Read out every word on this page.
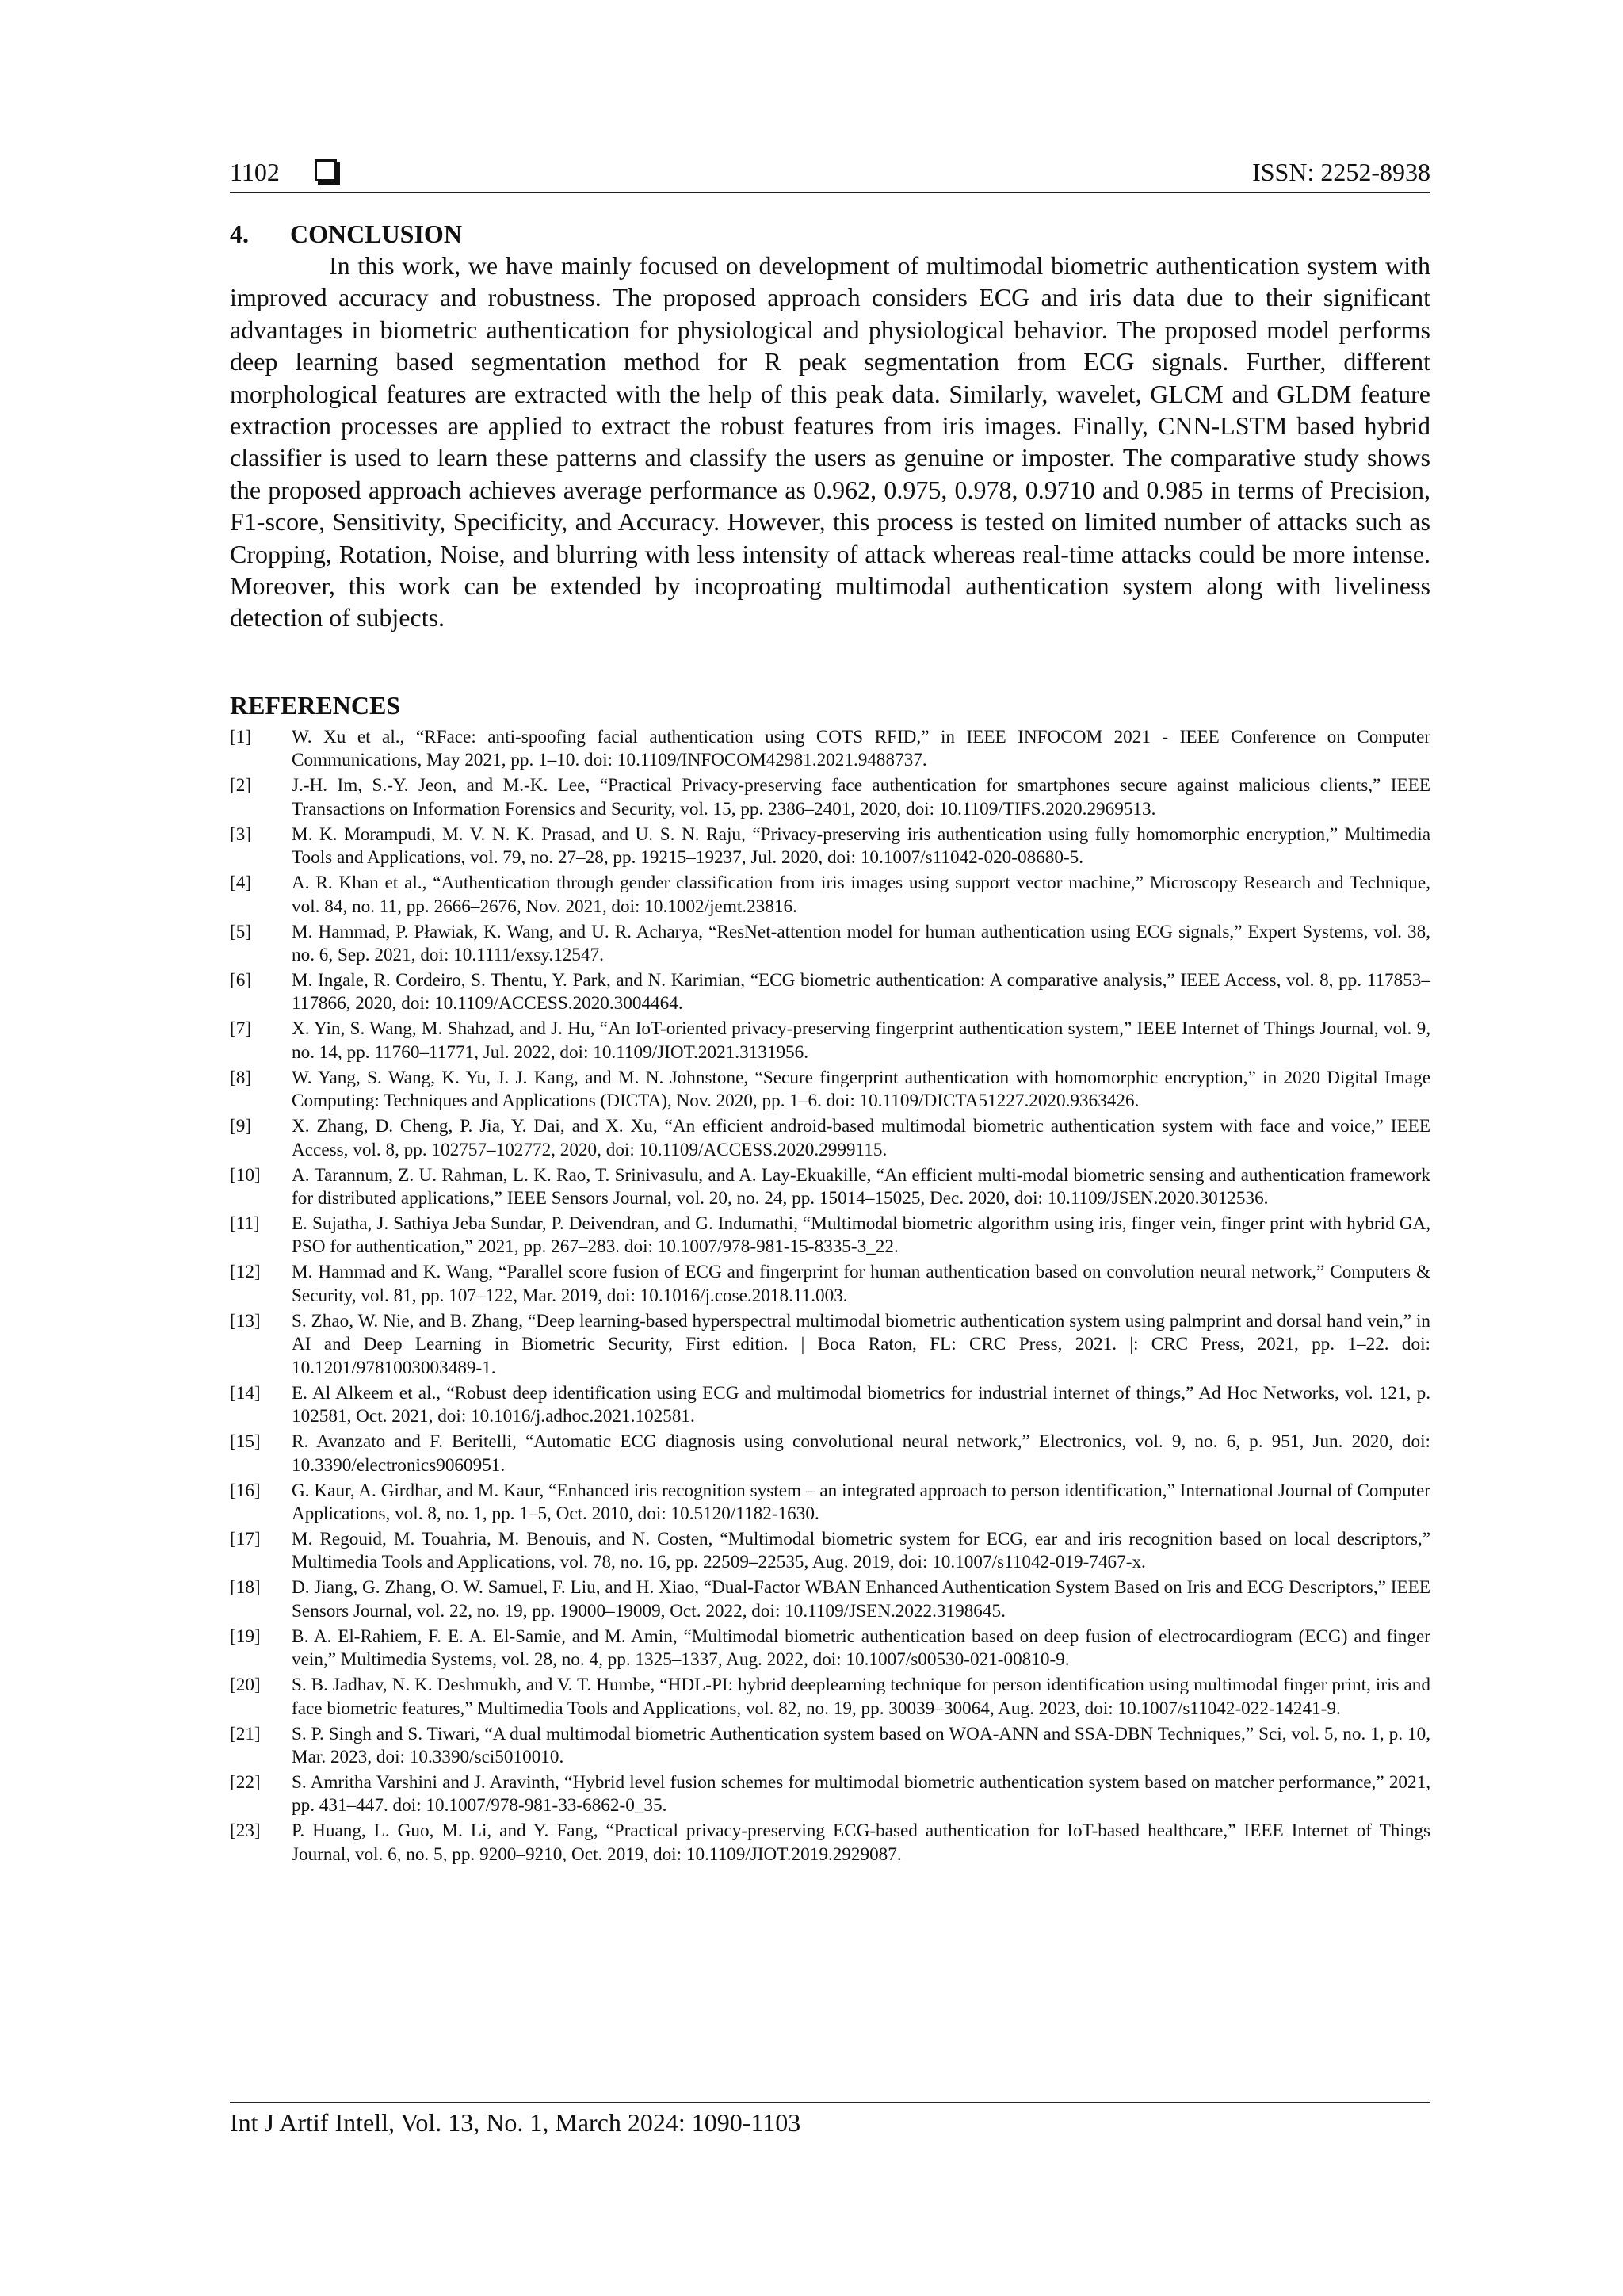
1102	ISSN: 2252-8938
4. CONCLUSION

In this work, we have mainly focused on development of multimodal biometric authentication system with improved accuracy and robustness. The proposed approach considers ECG and iris data due to their significant advantages in biometric authentication for physiological and physiological behavior. The proposed model performs deep learning based segmentation method for R peak segmentation from ECG signals. Further, different morphological features are extracted with the help of this peak data. Similarly, wavelet, GLCM and GLDM feature extraction processes are applied to extract the robust features from iris images. Finally, CNN-LSTM based hybrid classifier is used to learn these patterns and classify the users as genuine or imposter. The comparative study shows the proposed approach achieves average performance as 0.962, 0.975, 0.978, 0.9710 and 0.985 in terms of Precision, F1-score, Sensitivity, Specificity, and Accuracy. However, this process is tested on limited number of attacks such as Cropping, Rotation, Noise, and blurring with less intensity of attack whereas real-time attacks could be more intense. Moreover, this work can be extended by incoproating multimodal authentication system along with liveliness detection of subjects.

REFERENCES
[1]	W. Xu et al., “RFace: anti-spoofing facial authentication using COTS RFID,” in IEEE INFOCOM 2021 - IEEE Conference on Computer Communications, May 2021, pp. 1–10. doi: 10.1109/INFOCOM42981.2021.9488737.
[2]	J.-H. Im, S.-Y. Jeon, and M.-K. Lee, “Practical Privacy-preserving face authentication for smartphones secure against malicious clients,” IEEE Transactions on Information Forensics and Security, vol. 15, pp. 2386–2401, 2020, doi: 10.1109/TIFS.2020.2969513.
[3]	M. K. Morampudi, M. V. N. K. Prasad, and U. S. N. Raju, “Privacy-preserving iris authentication using fully homomorphic encryption,” Multimedia Tools and Applications, vol. 79, no. 27–28, pp. 19215–19237, Jul. 2020, doi: 10.1007/s11042-020-08680-5.
[4]	A. R. Khan et al., “Authentication through gender classification from iris images using support vector machine,” Microscopy Research and Technique, vol. 84, no. 11, pp. 2666–2676, Nov. 2021, doi: 10.1002/jemt.23816.
[5]	M. Hammad, P. Pławiak, K. Wang, and U. R. Acharya, “ResNet-attention model for human authentication using ECG signals,” Expert Systems, vol. 38, no. 6, Sep. 2021, doi: 10.1111/exsy.12547.
[6]	M. Ingale, R. Cordeiro, S. Thentu, Y. Park, and N. Karimian, “ECG biometric authentication: A comparative analysis,” IEEE Access, vol. 8, pp. 117853–117866, 2020, doi: 10.1109/ACCESS.2020.3004464.
[7]	X. Yin, S. Wang, M. Shahzad, and J. Hu, “An IoT-oriented privacy-preserving fingerprint authentication system,” IEEE Internet of Things Journal, vol. 9, no. 14, pp. 11760–11771, Jul. 2022, doi: 10.1109/JIOT.2021.3131956.
[8]	W. Yang, S. Wang, K. Yu, J. J. Kang, and M. N. Johnstone, “Secure fingerprint authentication with homomorphic encryption,” in 2020 Digital Image Computing: Techniques and Applications (DICTA), Nov. 2020, pp. 1–6. doi: 10.1109/DICTA51227.2020.9363426.
[9]	X. Zhang, D. Cheng, P. Jia, Y. Dai, and X. Xu, “An efficient android-based multimodal biometric authentication system with face and voice,” IEEE Access, vol. 8, pp. 102757–102772, 2020, doi: 10.1109/ACCESS.2020.2999115.
[10]	A. Tarannum, Z. U. Rahman, L. K. Rao, T. Srinivasulu, and A. Lay-Ekuakille, “An efficient multi-modal biometric sensing and authentication framework for distributed applications,” IEEE Sensors Journal, vol. 20, no. 24, pp. 15014–15025, Dec. 2020, doi: 10.1109/JSEN.2020.3012536.
[11]	E. Sujatha, J. Sathiya Jeba Sundar, P. Deivendran, and G. Indumathi, “Multimodal biometric algorithm using iris, finger vein, finger print with hybrid GA, PSO for authentication,” 2021, pp. 267–283. doi: 10.1007/978-981-15-8335-3_22.
[12]	M. Hammad and K. Wang, “Parallel score fusion of ECG and fingerprint for human authentication based on convolution neural network,” Computers & Security, vol. 81, pp. 107–122, Mar. 2019, doi: 10.1016/j.cose.2018.11.003.
[13]	S. Zhao, W. Nie, and B. Zhang, “Deep learning-based hyperspectral multimodal biometric authentication system using palmprint and dorsal hand vein,” in AI and Deep Learning in Biometric Security, First edition. | Boca Raton, FL: CRC Press, 2021. |: CRC Press, 2021, pp. 1–22. doi: 10.1201/9781003003489-1.
[14]	E. Al Alkeem et al., “Robust deep identification using ECG and multimodal biometrics for industrial internet of things,” Ad Hoc Networks, vol. 121, p. 102581, Oct. 2021, doi: 10.1016/j.adhoc.2021.102581.
[15]	R. Avanzato and F. Beritelli, “Automatic ECG diagnosis using convolutional neural network,” Electronics, vol. 9, no. 6, p. 951, Jun. 2020, doi: 10.3390/electronics9060951.
[16]	G. Kaur, A. Girdhar, and M. Kaur, “Enhanced iris recognition system – an integrated approach to person identification,” International Journal of Computer Applications, vol. 8, no. 1, pp. 1–5, Oct. 2010, doi: 10.5120/1182-1630.
[17]	M. Regouid, M. Touahria, M. Benouis, and N. Costen, “Multimodal biometric system for ECG, ear and iris recognition based on local descriptors,” Multimedia Tools and Applications, vol. 78, no. 16, pp. 22509–22535, Aug. 2019, doi: 10.1007/s11042-019-7467-x.
[18]	D. Jiang, G. Zhang, O. W. Samuel, F. Liu, and H. Xiao, “Dual-Factor WBAN Enhanced Authentication System Based on Iris and ECG Descriptors,” IEEE Sensors Journal, vol. 22, no. 19, pp. 19000–19009, Oct. 2022, doi: 10.1109/JSEN.2022.3198645.
[19]	B. A. El-Rahiem, F. E. A. El-Samie, and M. Amin, “Multimodal biometric authentication based on deep fusion of electrocardiogram (ECG) and finger vein,” Multimedia Systems, vol. 28, no. 4, pp. 1325–1337, Aug. 2022, doi: 10.1007/s00530-021-00810-9.
[20]	S. B. Jadhav, N. K. Deshmukh, and V. T. Humbe, “HDL-PI: hybrid deeplearning technique for person identification using multimodal finger print, iris and face biometric features,” Multimedia Tools and Applications, vol. 82, no. 19, pp. 30039–30064, Aug. 2023, doi: 10.1007/s11042-022-14241-9.
[21]	S. P. Singh and S. Tiwari, “A dual multimodal biometric Authentication system based on WOA-ANN and SSA-DBN Techniques,” Sci, vol. 5, no. 1, p. 10, Mar. 2023, doi: 10.3390/sci5010010.
[22]	S. Amritha Varshini and J. Aravinth, “Hybrid level fusion schemes for multimodal biometric authentication system based on matcher performance,” 2021, pp. 431–447. doi: 10.1007/978-981-33-6862-0_35.
[23]	P. Huang, L. Guo, M. Li, and Y. Fang, “Practical privacy-preserving ECG-based authentication for IoT-based healthcare,” IEEE Internet of Things Journal, vol. 6, no. 5, pp. 9200–9210, Oct. 2019, doi: 10.1109/JIOT.2019.2929087.
Int J Artif Intell, Vol. 13, No. 1, March 2024: 1090-1103
